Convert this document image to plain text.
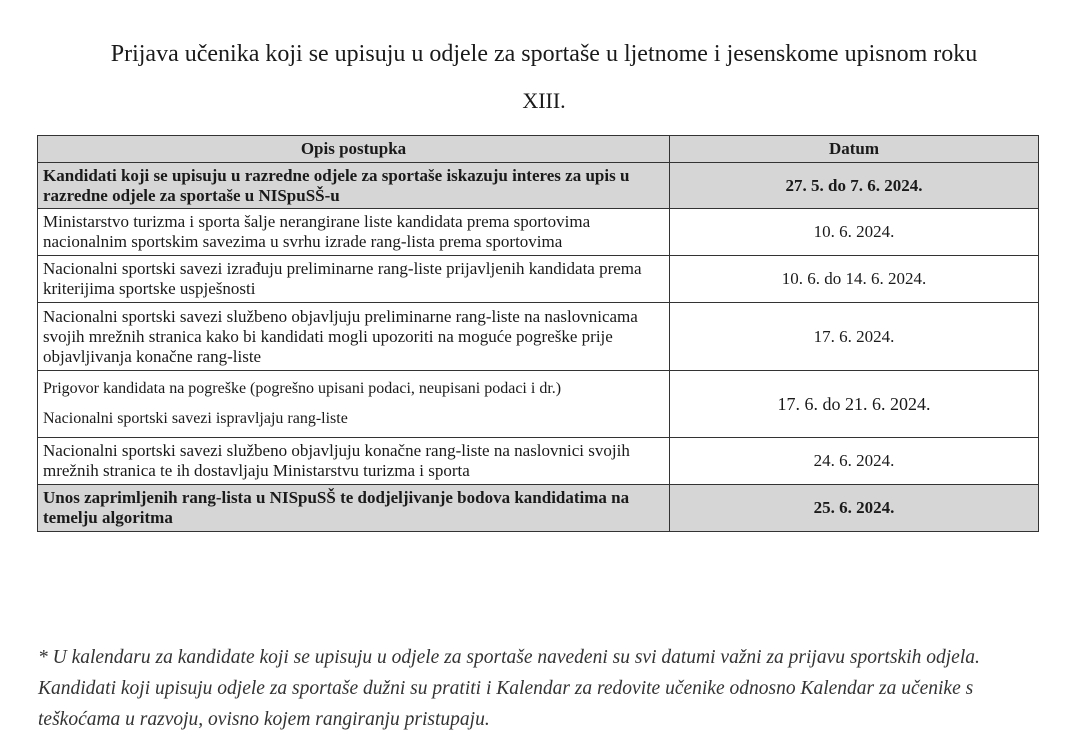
Prijava učenika koji se upisuju u odjele za sportaše u ljetnome i jesenskome upisnom roku
XIII.
Opis postupka	Datum
Kandidati koji se upisuju u razredne odjele za sportaše iskazuju interes za upis u razredne odjele za sportaše u NISpuSŠ-u	27. 5. do 7. 6. 2024.
Ministarstvo turizma i sporta šalje nerangirane liste kandidata prema sportovima nacionalnim sportskim savezima u svrhu izrade rang-lista prema sportovima	10. 6. 2024.
Nacionalni sportski savezi izrađuju preliminarne rang-liste prijavljenih kandidata prema kriterijima sportske uspješnosti	10. 6. do 14. 6. 2024.
Nacionalni sportski savezi službeno objavljuju preliminarne rang-liste na naslovnicama svojih mrežnih stranica kako bi kandidati mogli upozoriti na moguće pogreške prije objavljivanja konačne rang-liste	17. 6. 2024.

Prigovor kandidata na pogreške (pogrešno upisani podaci, neupisani podaci i dr.)
Nacionalni sportski savezi ispravljaju rang-liste	17. 6. do 21. 6. 2024.
Nacionalni sportski savezi službeno objavljuju konačne rang-liste na naslovnici svojih mrežnih stranica te ih dostavljaju Ministarstvu turizma i sporta	24. 6. 2024.
Unos zaprimljenih rang-lista u NISpuSŠ te dodjeljivanje bodova kandidatima na temelju algoritma	25. 6. 2024.
* U kalendaru za kandidate koji se upisuju u odjele za sportaše navedeni su svi datumi važni za prijavu sportskih odjela. Kandidati koji upisuju odjele za sportaše dužni su pratiti i Kalendar za redovite učenike odnosno Kalendar za učenike s teškoćama u razvoju, ovisno kojem rangiranju pristupaju.
